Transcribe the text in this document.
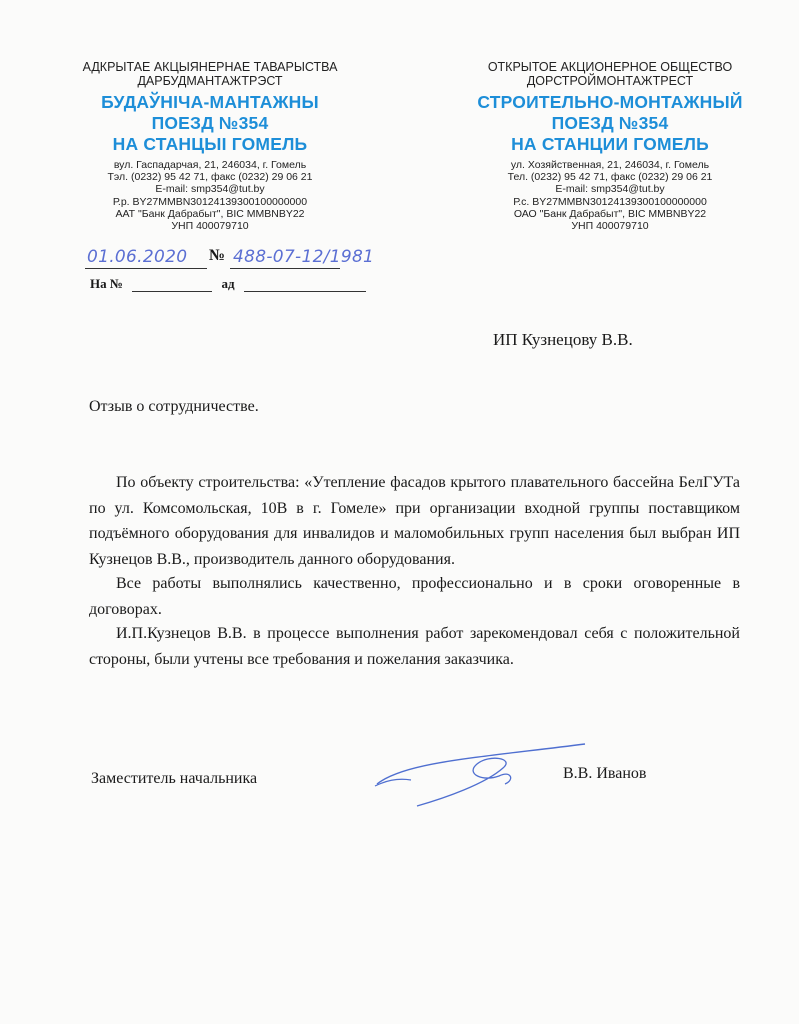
АДКРЫТАЕ АКЦЫЯНЕРНАЕ ТАВАРЫСТВА
ДАРБУДМАНТАЖТРЭСТ
БУДАЎНІЧА-МАНТАЖНЫ
ПОЕЗД №354
НА СТАНЦЫІ ГОМЕЛЬ
вул. Гаспадарчая, 21, 246034, г. Гомель
Тэл. (0232) 95 42 71, факс (0232) 29 06 21
E-mail: smp354@tut.by
Р.р. BY27MMBN30124139300100000000
ААТ "Банк Дабрабыт", BIC MMBNBY22
УНП 400079710
ОТКРЫТОЕ АКЦИОНЕРНОЕ ОБЩЕСТВО
ДОРСТРОЙМОНТАЖТРЕСТ
СТРОИТЕЛЬНО-МОНТАЖНЫЙ
ПОЕЗД №354
НА СТАНЦИИ ГОМЕЛЬ
ул. Хозяйственная, 21, 246034, г. Гомель
Тел. (0232) 95 42 71, факс (0232) 29 06 21
E-mail: smp354@tut.by
Р.с. BY27MMBN30124139300100000000
ОАО "Банк Дабрабыт", BIC MMBNBY22
УНП 400079710
01.06.2020 № 488-07-12/1981
На №	ад
ИП Кузнецову В.В.
Отзыв о сотрудничестве.

По объекту строительства: «Утепление фасадов крытого плавательного бассейна БелГУТа по ул. Комсомольская, 10В в г. Гомеле» при организации входной группы поставщиком подъёмного оборудования для инвалидов и маломобильных групп населения был выбран ИП Кузнецов В.В., производитель данного оборудования.

Все работы выполнялись качественно, профессионально и в сроки оговоренные в договорах.

И.П.Кузнецов В.В. в процессе выполнения работ зарекомендовал себя с положительной стороны, были учтены все требования и пожелания заказчика.

Заместитель начальника	В.В. Иванов
